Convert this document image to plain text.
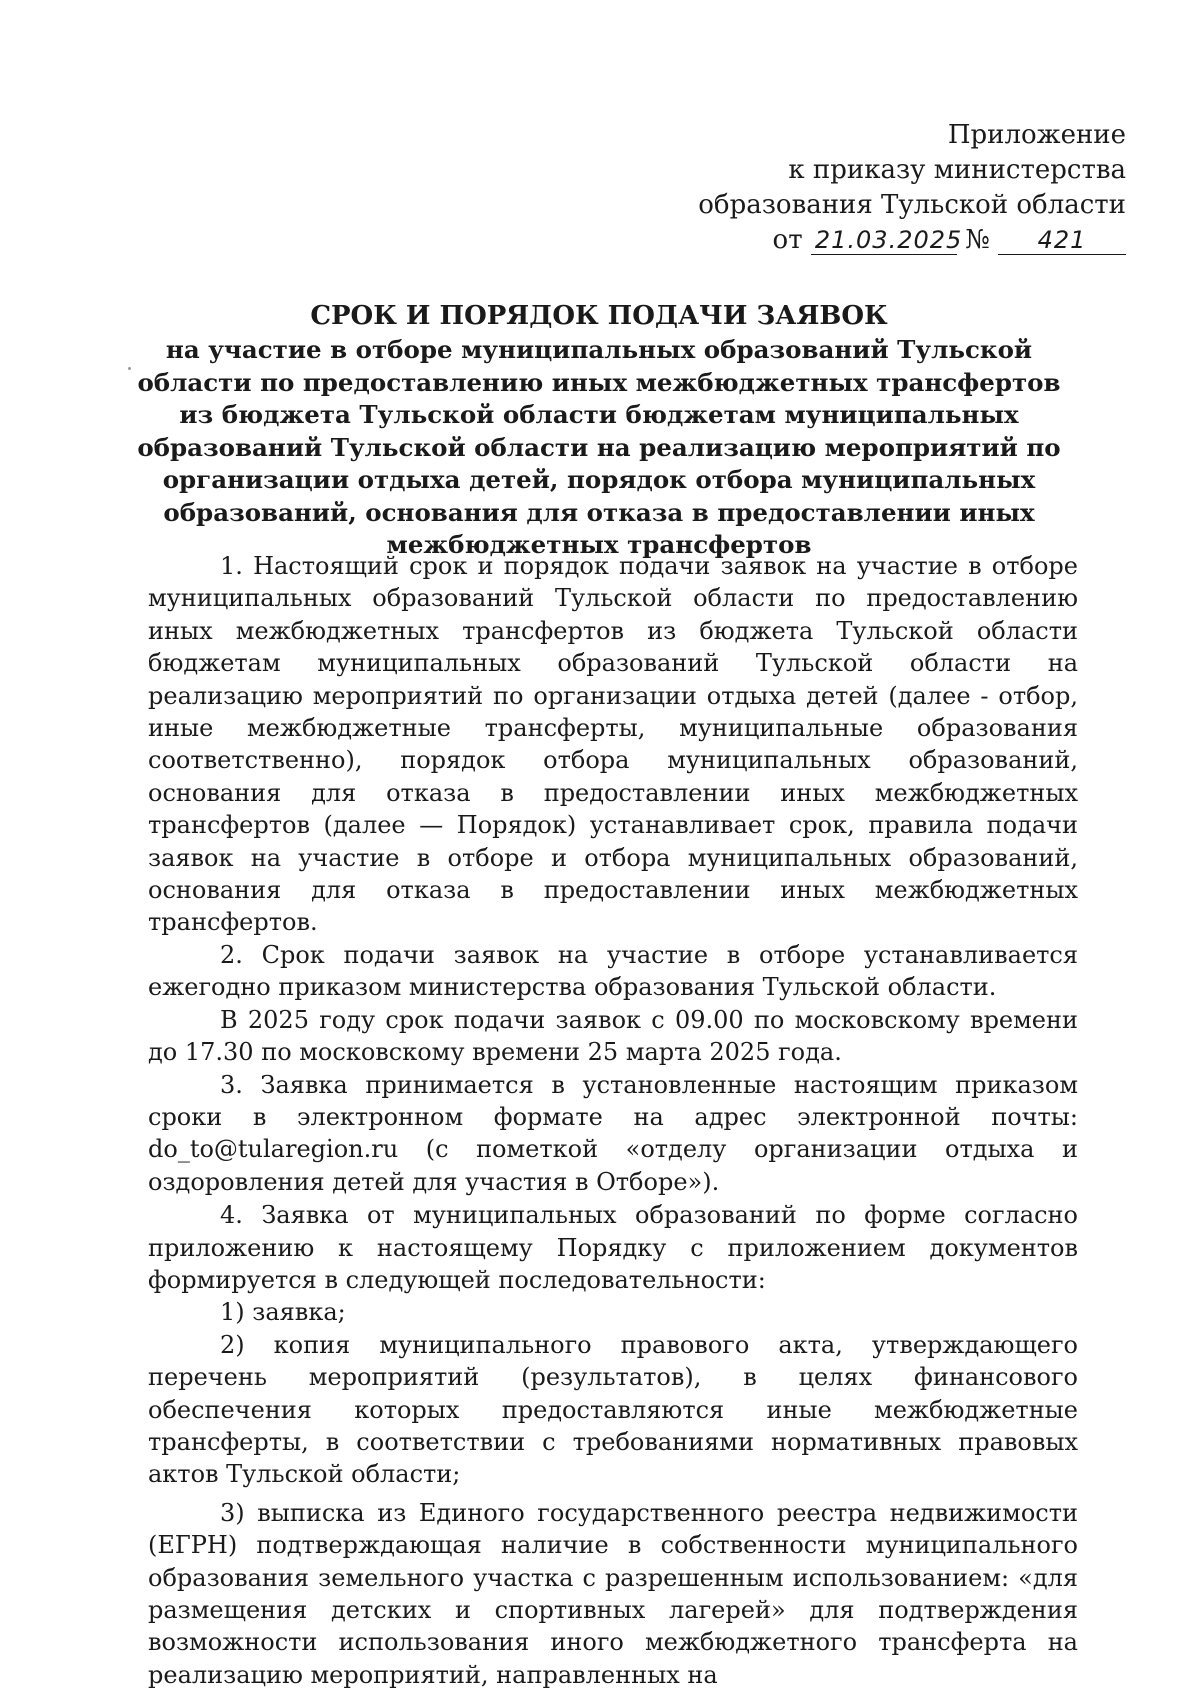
Приложение
к приказу министерства
образования Тульской области
от 21.03.2025 № 421
СРОК И ПОРЯДОК ПОДАЧИ ЗАЯВОК
на участие в отборе муниципальных образований Тульской области по предоставлению иных межбюджетных трансфертов из бюджета Тульской области бюджетам муниципальных образований Тульской области на реализацию мероприятий по организации отдыха детей, порядок отбора муниципальных образований, основания для отказа в предоставлении иных межбюджетных трансфертов

1. Настоящий срок и порядок подачи заявок на участие в отборе муниципальных образований Тульской области по предоставлению иных межбюджетных трансфертов из бюджета Тульской области бюджетам муниципальных образований Тульской области на реализацию мероприятий по организации отдыха детей (далее - отбор, иные межбюджетные трансферты, муниципальные образования соответственно), порядок отбора муниципальных образований, основания для отказа в предоставлении иных межбюджетных трансфертов (далее — Порядок) устанавливает срок, правила подачи заявок на участие в отборе и отбора муниципальных образований, основания для отказа в предоставлении иных межбюджетных трансфертов.

2. Срок подачи заявок на участие в отборе устанавливается ежегодно приказом министерства образования Тульской области.

В 2025 году срок подачи заявок с 09.00 по московскому времени до 17.30 по московскому времени 25 марта 2025 года.

3. Заявка принимается в установленные настоящим приказом сроки в электронном формате на адрес электронной почты: do_to@tularegion.ru (с пометкой «отделу организации отдыха и оздоровления детей для участия в Отборе»).

4. Заявка от муниципальных образований по форме согласно приложению к настоящему Порядку с приложением документов формируется в следующей последовательности:

1) заявка;

2) копия муниципального правового акта, утверждающего перечень мероприятий (результатов), в целях финансового обеспечения которых предоставляются иные межбюджетные трансферты, в соответствии с требованиями нормативных правовых актов Тульской области;

3) выписка из Единого государственного реестра недвижимости (ЕГРН) подтверждающая наличие в собственности муниципального образования земельного участка с разрешенным использованием: «для размещения детских и спортивных лагерей» для подтверждения возможности использования иного межбюджетного трансферта на реализацию мероприятий, направленных на
